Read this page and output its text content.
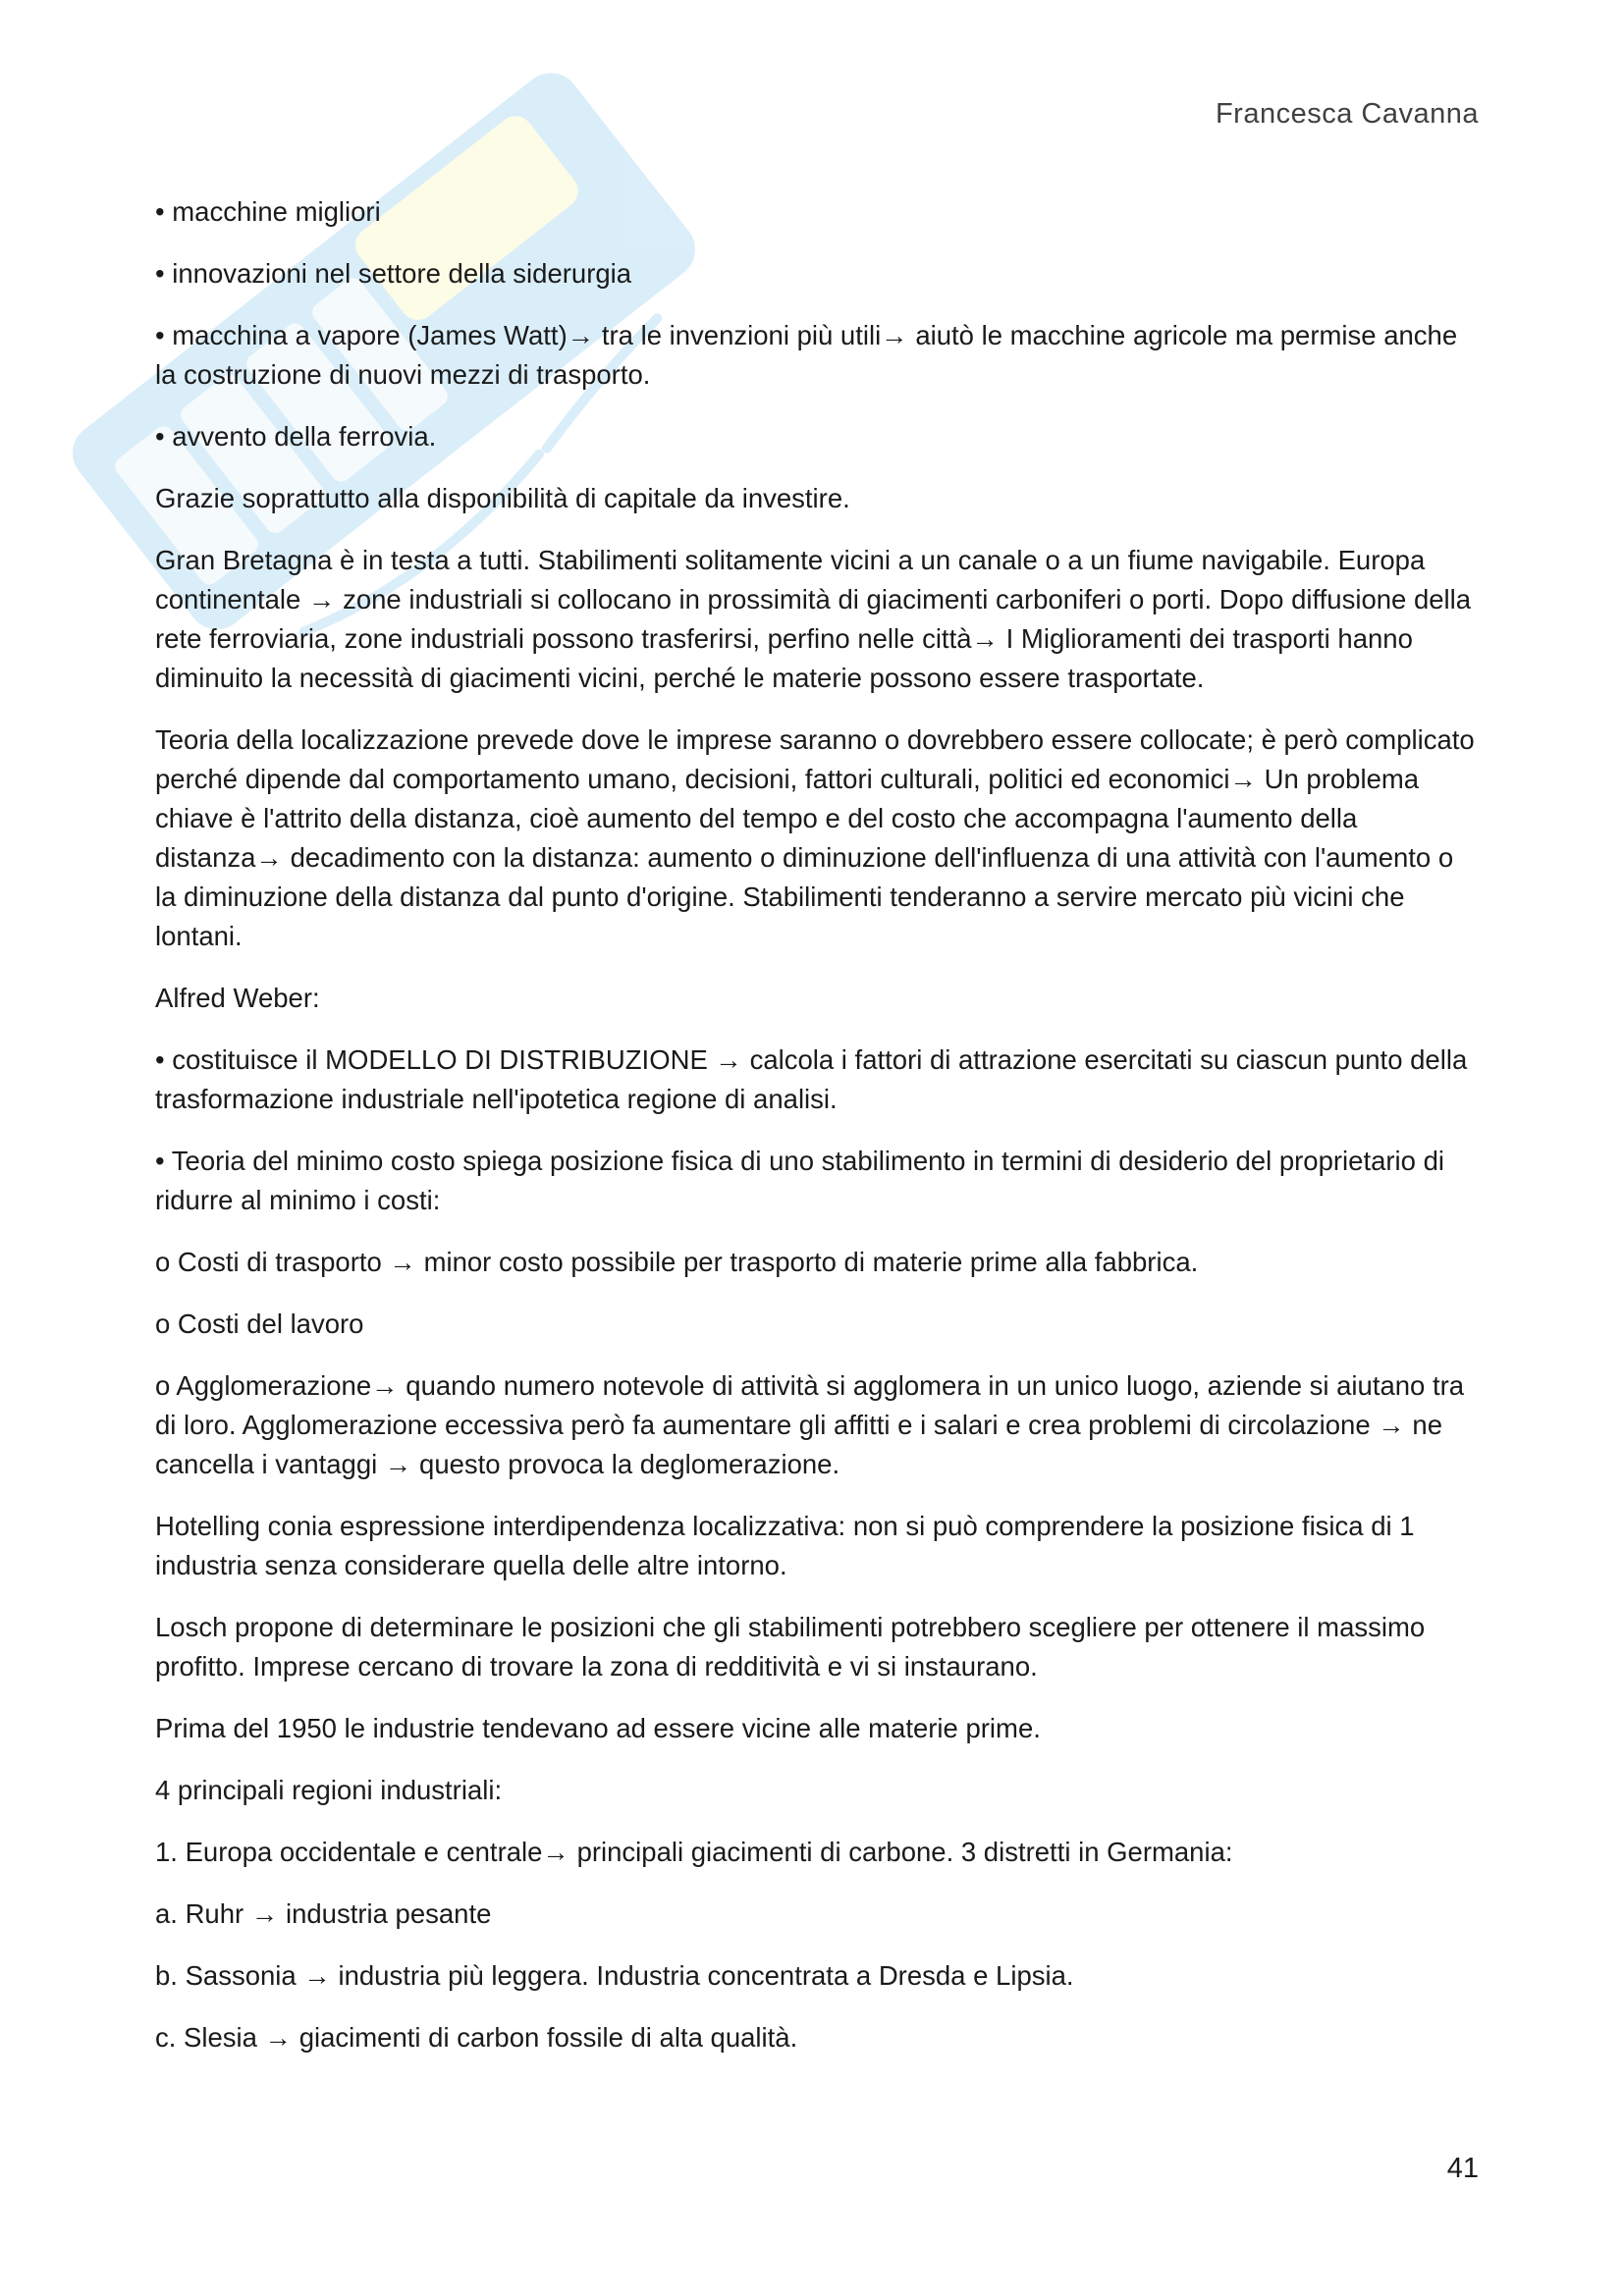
Francesca Cavanna

• macchine migliori

• innovazioni nel settore della siderurgia

• macchina a vapore (James Watt)→ tra le invenzioni più utili→ aiutò le macchine agricole ma permise anche la costruzione di nuovi mezzi di trasporto.

• avvento della ferrovia.

Grazie soprattutto alla disponibilità di capitale da investire.

Gran Bretagna è in testa a tutti. Stabilimenti solitamente vicini a un canale o a un fiume navigabile. Europa continentale → zone industriali si collocano in prossimità di giacimenti carboniferi o porti. Dopo diffusione della rete ferroviaria, zone industriali possono trasferirsi, perfino nelle città→ I Miglioramenti dei trasporti hanno diminuito la necessità di giacimenti vicini, perché le materie possono essere trasportate.

Teoria della localizzazione prevede dove le imprese saranno o dovrebbero essere collocate; è però complicato perché dipende dal comportamento umano, decisioni, fattori culturali, politici ed economici→ Un problema chiave è l'attrito della distanza, cioè aumento del tempo e del costo che accompagna l'aumento della distanza→ decadimento con la distanza: aumento o diminuzione dell'influenza di una attività con l'aumento o la diminuzione della distanza dal punto d'origine. Stabilimenti tenderanno a servire mercato più vicini che lontani.

Alfred Weber:

• costituisce il MODELLO DI DISTRIBUZIONE → calcola i fattori di attrazione esercitati su ciascun punto della trasformazione industriale nell'ipotetica regione di analisi.

• Teoria del minimo costo spiega posizione fisica di uno stabilimento in termini di desiderio del proprietario di ridurre al minimo i costi:

o Costi di trasporto → minor costo possibile per trasporto di materie prime alla fabbrica.

o Costi del lavoro

o Agglomerazione→ quando numero notevole di attività si agglomera in un unico luogo, aziende si aiutano tra di loro. Agglomerazione eccessiva però fa aumentare gli affitti e i salari e crea problemi di circolazione → ne cancella i vantaggi → questo provoca la deglomerazione.

Hotelling conia espressione interdipendenza localizzativa: non si può comprendere la posizione fisica di 1 industria senza considerare quella delle altre intorno.

Losch propone di determinare le posizioni che gli stabilimenti potrebbero scegliere per ottenere il massimo profitto. Imprese cercano di trovare la zona di redditività e vi si instaurano.

Prima del 1950 le industrie tendevano ad essere vicine alle materie prime.

4 principali regioni industriali:

1. Europa occidentale e centrale→ principali giacimenti di carbone. 3 distretti in Germania:

a. Ruhr → industria pesante

b. Sassonia → industria più leggera. Industria concentrata a Dresda e Lipsia.

c. Slesia → giacimenti di carbon fossile di alta qualità.

41
